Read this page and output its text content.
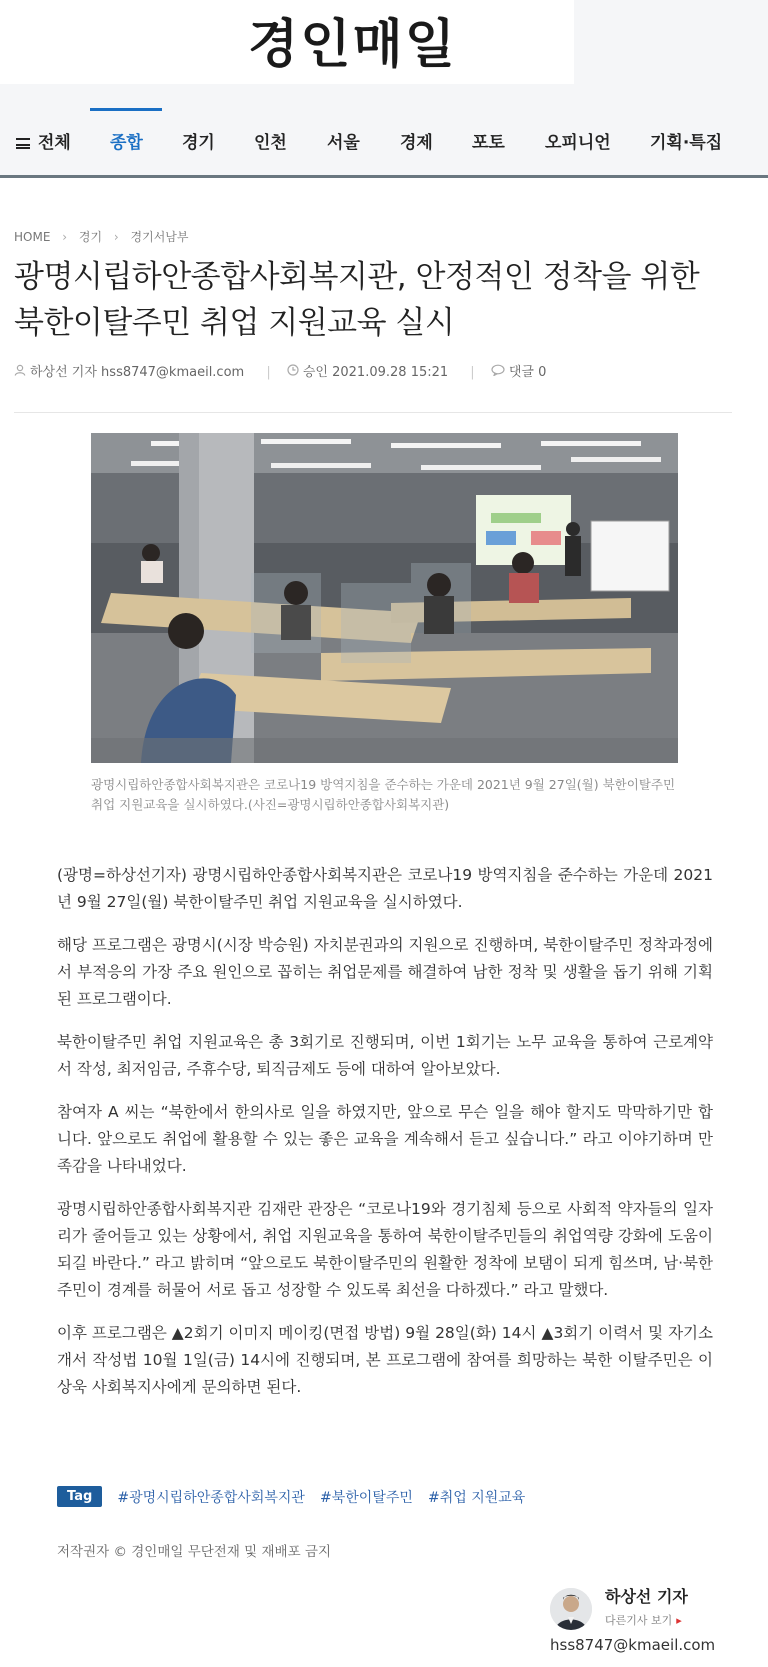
경인매일
전체 종합 경기 인천 서울 경제 포토 오피니언 기획·특집
HOME › 경기 › 경기서남부
광명시립하안종합사회복지관, 안정적인 정착을 위한
북한이탈주민 취업 지원교육 실시
하상선 기자 hss8747@kmaeil.com | 승인 2021.09.28 15:21 |	댓글 0
광명시립하안종합사회복지관은 코로나19 방역지침을 준수하는 가운데 2021년 9월 27일(월) 북한이탈주민 취업 지원교육을 실시하였다.(사진=광명시립하안종합사회복지관)

(광명=하상선기자) 광명시립하안종합사회복지관은 코로나19 방역지침을 준수하는 가운데 2021년 9월 27일(월) 북한이탈주민 취업 지원교육을 실시하였다.

해당 프로그램은 광명시(시장 박승원) 자치분권과의 지원으로 진행하며, 북한이탈주민 정착과정에서 부적응의 가장 주요 원인으로 꼽히는 취업문제를 해결하여 남한 정착 및 생활을 돕기 위해 기획된 프로그램이다.

북한이탈주민 취업 지원교육은 총 3회기로 진행되며, 이번 1회기는 노무 교육을 통하여 근로계약서 작성, 최저임금, 주휴수당, 퇴직금제도 등에 대하여 알아보았다.

참여자 A 씨는 “북한에서 한의사로 일을 하였지만, 앞으로 무슨 일을 해야 할지도 막막하기만 합니다. 앞으로도 취업에 활용할 수 있는 좋은 교육을 계속해서 듣고 싶습니다.” 라고 이야기하며 만족감을 나타내었다.

광명시립하안종합사회복지관 김재란 관장은 “코로나19와 경기침체 등으로 사회적 약자들의 일자리가 줄어들고 있는 상황에서, 취업 지원교육을 통하여 북한이탈주민들의 취업역량 강화에 도움이 되길 바란다.” 라고 밝히며 “앞으로도 북한이탈주민의 원활한 정착에 보탬이 되게 힘쓰며, 남·북한 주민이 경계를 허물어 서로 돕고 성장할 수 있도록 최선을 다하겠다.” 라고 말했다.

이후 프로그램은 ▲2회기 이미지 메이킹(면접 방법) 9월 28일(화) 14시 ▲3회기 이력서 및 자기소개서 작성법 10월 1일(금) 14시에 진행되며, 본 프로그램에 참여를 희망하는 북한 이탈주민은 이상욱 사회복지사에게 문의하면 된다.

Tag #광명시립하안종합사회복지관 #북한이탈주민 #취업 지원교육
저작권자 © 경인매일 무단전재 및 재배포 금지
하상선 기자
다른기사 보기 ▸
hss8747@kmaeil.com
